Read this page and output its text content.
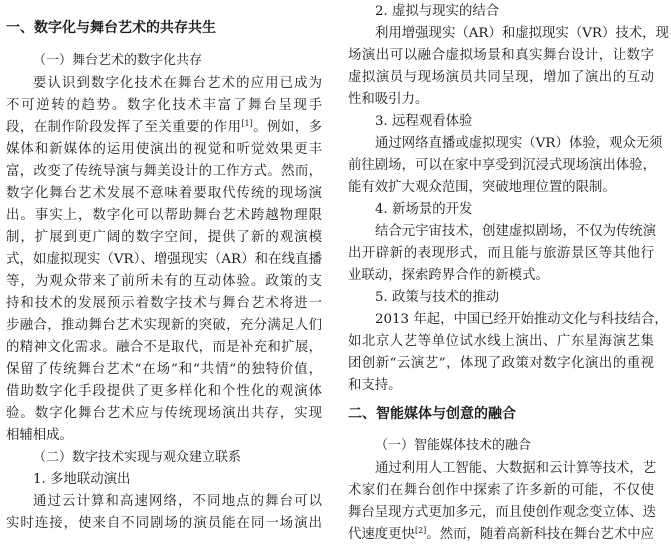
一、数字化与舞台艺术的共存共生
（一）舞台艺术的数字化共存
要认识到数字化技术在舞台艺术的应用已成为
不可逆转的趋势。数字化技术丰富了舞台呈现手
段，在制作阶段发挥了至关重要的作用[1]。例如，多
媒体和新媒体的运用使演出的视觉和听觉效果更丰
富，改变了传统导演与舞美设计的工作方式。然而，
数字化舞台艺术发展不意味着要取代传统的现场演
出。事实上，数字化可以帮助舞台艺术跨越物理限
制，扩展到更广阔的数字空间，提供了新的观演模
式，如虚拟现实（VR）、增强现实（AR）和在线直播
等，为观众带来了前所未有的互动体验。政策的支
持和技术的发展预示着数字技术与舞台艺术将进一
步融合，推动舞台艺术实现新的突破，充分满足人们
的精神文化需求。融合不是取代，而是补充和扩展，
保留了传统舞台艺术“在场”和“共情”的独特价值，
借助数字化手段提供了更多样化和个性化的观演体
验。数字化舞台艺术应与传统现场演出共存，实现
相辅相成。
（二）数字技术实现与观众建立联系
1. 多地联动演出
通过云计算和高速网络，不同地点的舞台可以
实时连接，使来自不同剧场的演员能在同一场演出
2. 虚拟与现实的结合
利用增强现实（AR）和虚拟现实（VR）技术，现
场演出可以融合虚拟场景和真实舞台设计，让数字
虚拟演员与现场演员共同呈现，增加了演出的互动
性和吸引力。
3. 远程观看体验
通过网络直播或虚拟现实（VR）体验，观众无须
前往剧场，可以在家中享受到沉浸式现场演出体验，
能有效扩大观众范围，突破地理位置的限制。
4. 新场景的开发
结合元宇宙技术，创建虚拟剧场，不仅为传统演
出开辟新的表现形式，而且能与旅游景区等其他行
业联动，探索跨界合作的新模式。
5. 政策与技术的推动
2013 年起，中国已经开始推动文化与科技结合，
如北京人艺等单位试水线上演出、广东星海演艺集
团创新“云演艺”，体现了政策对数字化演出的重视
和支持。
二、智能媒体与创意的融合
（一）智能媒体技术的融合
通过利用人工智能、大数据和云计算等技术，艺
术家们在舞台创作中探索了许多新的可能，不仅使
舞台呈现方式更加多元，而且使创作观念变立体、迭
代速度更快[2]。然而，随着高新科技在舞台艺术中应
